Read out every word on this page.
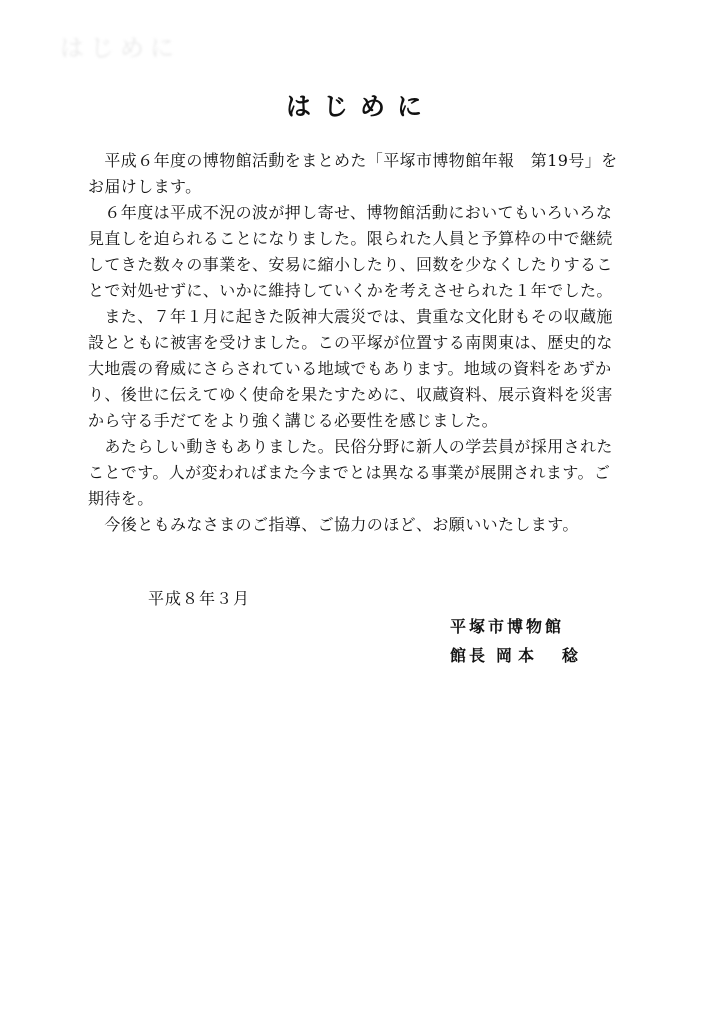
はじめに
はじめに

　平成６年度の博物館活動をまとめた「平塚市博物館年報　第19号」を
お届けします。

　６年度は平成不況の波が押し寄せ、博物館活動においてもいろいろな
見直しを迫られることになりました。限られた人員と予算枠の中で継続
してきた数々の事業を、安易に縮小したり、回数を少なくしたりするこ
とで対処せずに、いかに維持していくかを考えさせられた１年でした。

　また、７年１月に起きた阪神大震災では、貴重な文化財もその収蔵施
設とともに被害を受けました。この平塚が位置する南関東は、歴史的な
大地震の脅威にさらされている地域でもあります。地域の資料をあずか
り、後世に伝えてゆく使命を果たすために、収蔵資料、展示資料を災害
から守る手だてをより強く講じる必要性を感じました。

　あたらしい動きもありました。民俗分野に新人の学芸員が採用された
ことです。人が変わればまた今までとは異なる事業が展開されます。ご
期待を。

　今後ともみなさまのご指導、ご協力のほど、お願いいたします。

平成８年３月
平塚市博物館
館長 岡本　稔
